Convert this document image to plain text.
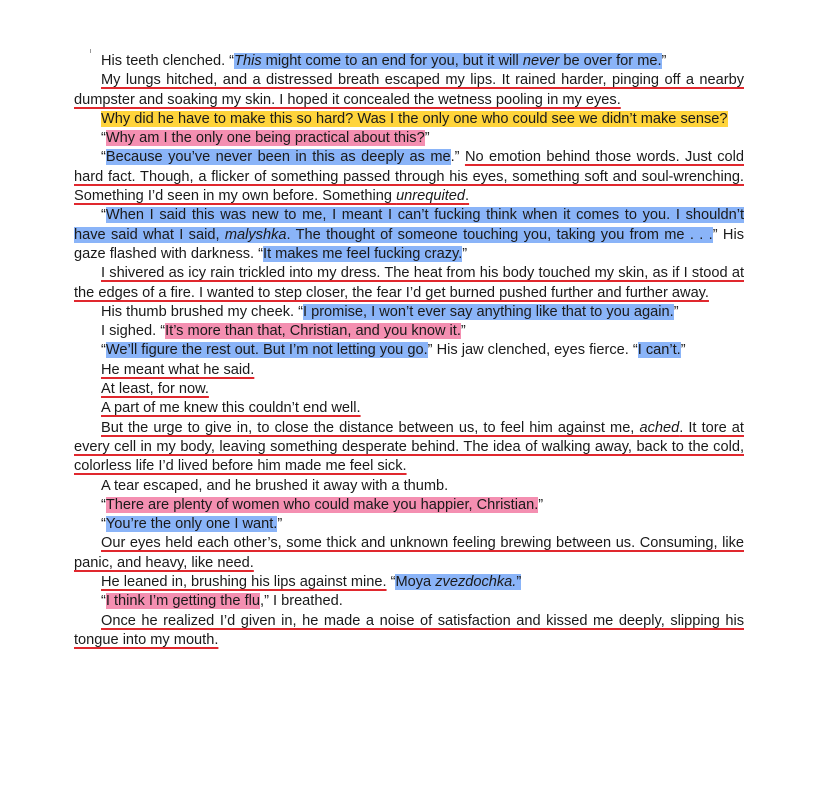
His teeth clenched. “This might come to an end for you, but it will never be over for me.”

My lungs hitched, and a distressed breath escaped my lips. It rained harder, pinging off a nearby dumpster and soaking my skin. I hoped it concealed the wetness pooling in my eyes.

Why did he have to make this so hard? Was I the only one who could see we didn’t make sense?

“Why am I the only one being practical about this?”

“Because you’ve never been in this as deeply as me.” No emotion behind those words. Just cold hard fact. Though, a flicker of something passed through his eyes, something soft and soul-wrenching. Something I’d seen in my own before. Something unrequited.

“When I said this was new to me, I meant I can’t fucking think when it comes to you. I shouldn’t have said what I said, malyshka. The thought of someone touching you, taking you from me . . .” His gaze flashed with darkness. “It makes me feel fucking crazy.”

I shivered as icy rain trickled into my dress. The heat from his body touched my skin, as if I stood at the edges of a fire. I wanted to step closer, the fear I’d get burned pushed further and further away.

His thumb brushed my cheek. “I promise, I won’t ever say anything like that to you again.”

I sighed. “It’s more than that, Christian, and you know it.”

“We’ll figure the rest out. But I’m not letting you go.” His jaw clenched, eyes fierce. “I can’t.”

He meant what he said.

At least, for now.

A part of me knew this couldn’t end well.

But the urge to give in, to close the distance between us, to feel him against me, ached. It tore at every cell in my body, leaving something desperate behind. The idea of walking away, back to the cold, colorless life I’d lived before him made me feel sick.

A tear escaped, and he brushed it away with a thumb.

“There are plenty of women who could make you happier, Christian.”

“You’re the only one I want.”

Our eyes held each other’s, some thick and unknown feeling brewing between us. Consuming, like panic, and heavy, like need.

He leaned in, brushing his lips against mine. “Moya zvezdochka.”

“I think I’m getting the flu,” I breathed.

Once he realized I’d given in, he made a noise of satisfaction and kissed me deeply, slipping his tongue into my mouth.
